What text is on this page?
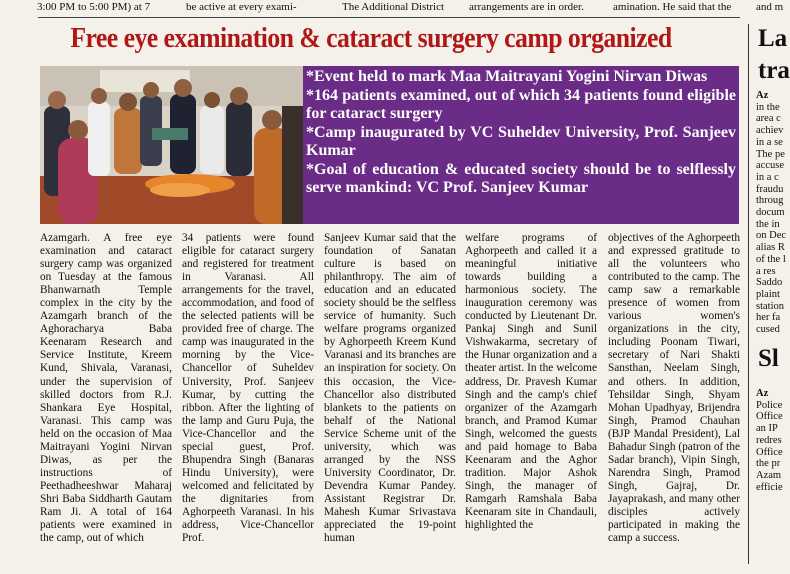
3:00 PM to 5:00 PM) at 7	be active at every exami-	The Additional District arrangements are in order.	amination. He said that the and m
Free eye examination & cataract surgery camp organized
*Event held to mark Maa Maitrayani Yogini Nirvan Diwas
*164 patients examined, out of which 34 patients found eligible for cataract surgery
*Camp inaugurated by VC Suheldev University, Prof. Sanjeev Kumar
*Goal of education & educated society should be to selflessly serve mankind: VC Prof. Sanjeev Kumar
Azamgarh. A free eye examination and cataract surgery camp was organized on Tuesday at the famous Bhanwarnath Temple complex in the city by the Azamgarh branch of the Aghoracharya Baba Keenaram Research and Service Institute, Kreem Kund, Shivala, Varanasi, under the supervision of skilled doctors from R.J. Shankara Eye Hospital, Varanasi. This camp was held on the occasion of Maa Maitrayani Yogini Nirvan Diwas, as per the instructions of Peethadheeshwar Maharaj Shri Baba Siddharth Gautam Ram Ji. A total of 164 patients were examined in the camp, out of which
34 patients were found eligible for cataract surgery and registered for treatment in Varanasi. All arrangements for the travel, accommodation, and food of the selected patients will be provided free of charge. The camp was inaugurated in the morning by the Vice-Chancellor of Suheldev University, Prof. Sanjeev Kumar, by cutting the ribbon. After the lighting of the lamp and Guru Puja, the Vice-Chancellor and the special guest, Prof. Bhupendra Singh (Banaras Hindu University), were welcomed and felicitated by the dignitaries from Aghorpeeth Varanasi. In his address, Vice-Chancellor Prof.
Sanjeev Kumar said that the foundation of Sanatan culture is based on philanthropy. The aim of education and an educated society should be the selfless service of humanity. Such welfare programs organized by Aghorpeeth Kreem Kund Varanasi and its branches are an inspiration for society. On this occasion, the Vice-Chancellor also distributed blankets to the patients on behalf of the National Service Scheme unit of the university, which was arranged by the NSS University Coordinator, Dr. Devendra Kumar Pandey. Assistant Registrar Dr. Mahesh Kumar Srivastava appreciated the 19-point human
welfare programs of Aghorpeeth and called it a meaningful initiative towards building a harmonious society. The inauguration ceremony was conducted by Lieutenant Dr. Pankaj Singh and Sunil Vishwakarma, secretary of the Hunar organization and a theater artist. In the welcome address, Dr. Pravesh Kumar Singh and the camp's chief organizer of the Azamgarh branch, and Pramod Kumar Singh, welcomed the guests and paid homage to Baba Keenaram and the Aghor tradition. Major Ashok Singh, the manager of Ramgarh Ramshala Baba Keenaram site in Chandauli, highlighted the
objectives of the Aghorpeeth and expressed gratitude to all the volunteers who contributed to the camp. The camp saw a remarkable presence of women from various women's organizations in the city, including Poonam Tiwari, secretary of Nari Shakti Sansthan, Neelam Singh, and others. In addition, Tehsildar Singh, Shyam Mohan Upadhyay, Brijendra Singh, Pramod Chauhan (BJP Mandal President), Lal Bahadur Singh (patron of the Sadar branch), Vipin Singh, Narendra Singh, Pramod Singh, Gajraj, Dr. Jayaprakash, and many other disciples actively participated in making the camp a success.
La
tra
Az
in the
area c
achiev
in a se
The pe
accuse
in a c
fraudu
throug
docum
the in
on Dec
alias R
of the l
a res
Saddo
plaint
station
her fa
cused
Sl
Az
Police
Office
an IP
redres
Office
the pr
Azam
efficie
